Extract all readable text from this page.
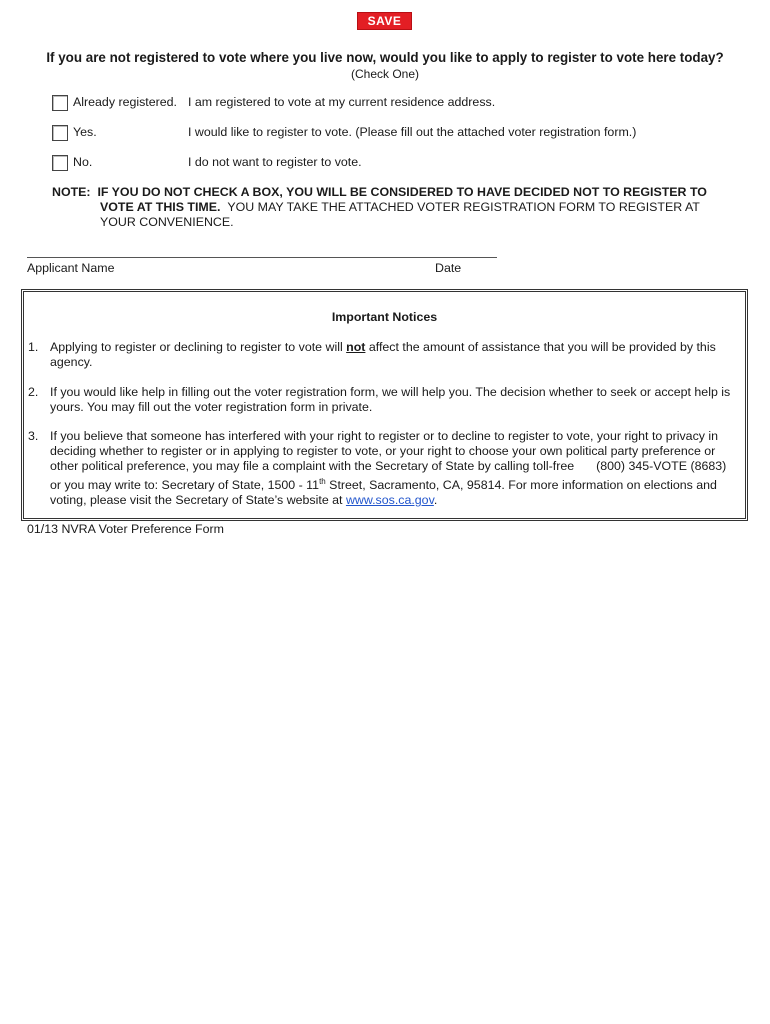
SAVE
If you are not registered to vote where you live now, would you like to apply to register to vote here today?
(Check One)
Already registered. I am registered to vote at my current residence address.
Yes.	I would like to register to vote. (Please fill out the attached voter registration form.)
No.	I do not want to register to vote.
NOTE: IF YOU DO NOT CHECK A BOX, YOU WILL BE CONSIDERED TO HAVE DECIDED NOT TO REGISTER TO
VOTE AT THIS TIME. YOU MAY TAKE THE ATTACHED VOTER REGISTRATION FORM TO REGISTER AT
YOUR CONVENIENCE.
Applicant Name	Date
Important Notices
1. Applying to register or declining to register to vote will not affect the amount of assistance that you will be provided by this agency.
2. If you would like help in filling out the voter registration form, we will help you. The decision whether to seek or accept help is yours. You may fill out the voter registration form in private.
3. If you believe that someone has interfered with your right to register or to decline to register to vote, your right to privacy in deciding whether to register or in applying to register to vote, or your right to choose your own political party preference or other political preference, you may file a complaint with the Secretary of State by calling toll-free (800) 345-VOTE (8683) or you may write to: Secretary of State, 1500 - 11th Street, Sacramento, CA, 95814. For more information on elections and voting, please visit the Secretary of State’s website at www.sos.ca.gov.
01/13 NVRA Voter Preference Form
